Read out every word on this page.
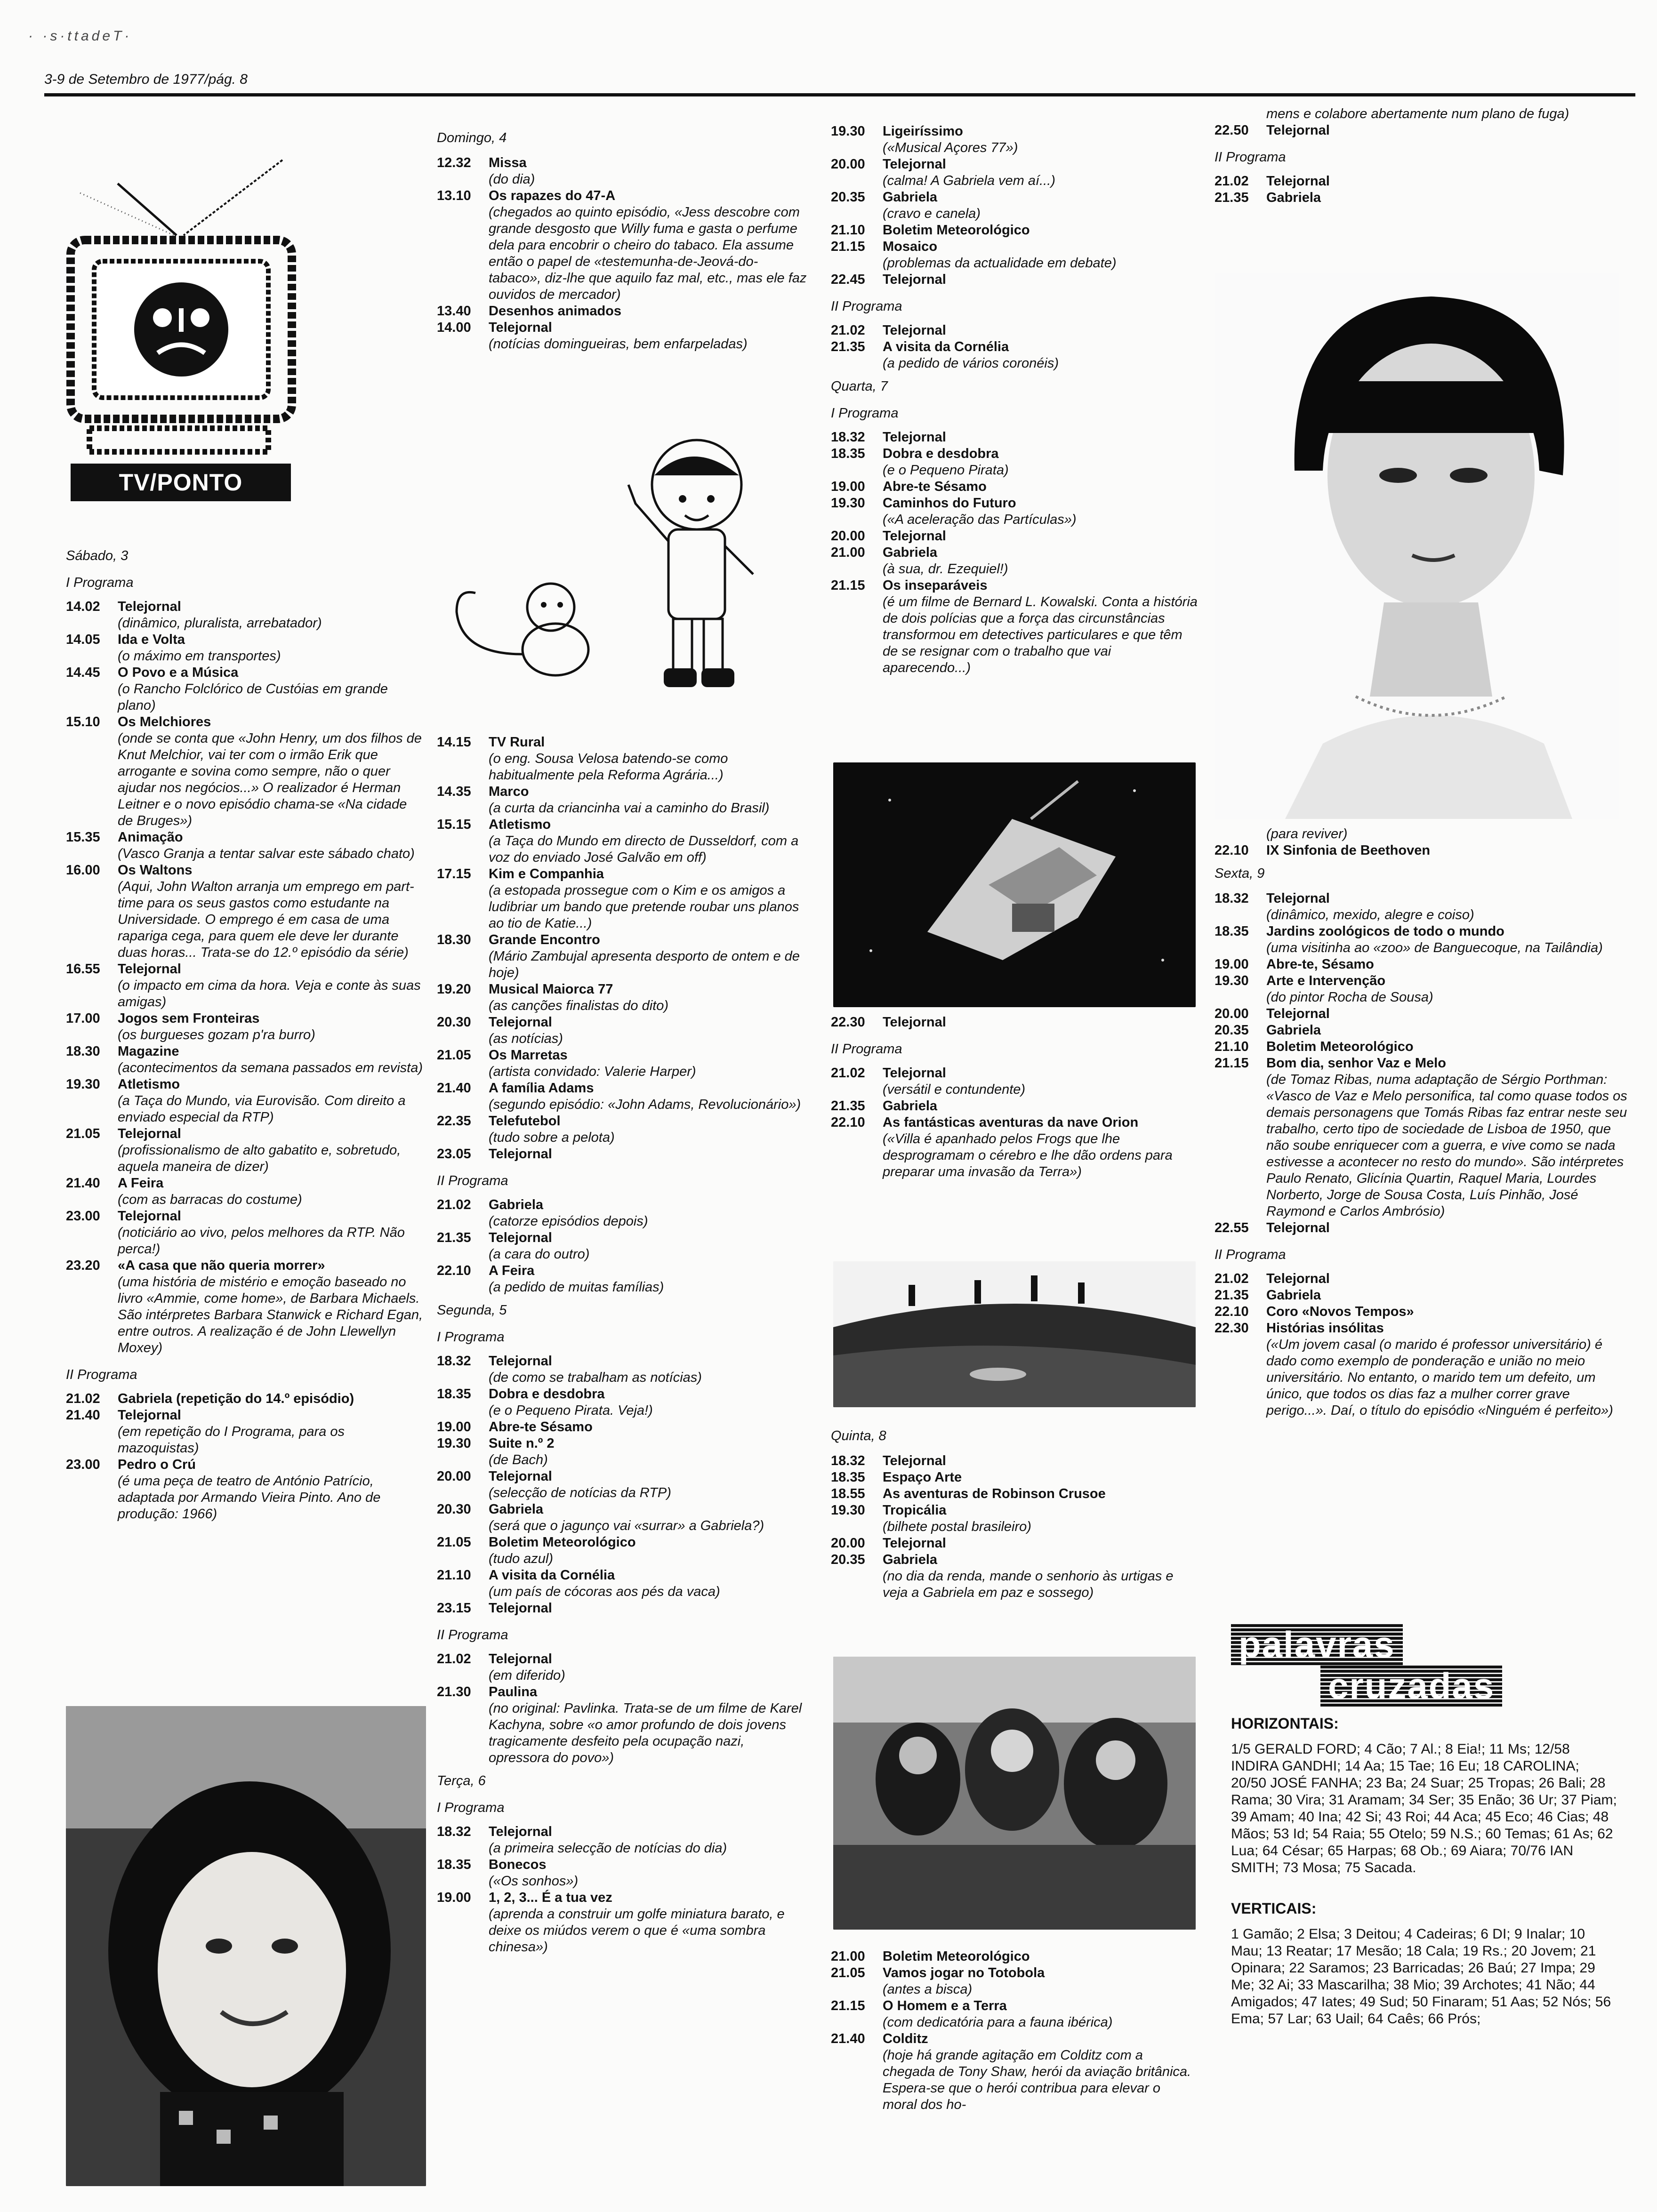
· ·s·ttadeT·
3-9 de Setembro de 1977/pág. 8
TV/PONTO
Sábado, 3
I Programa
14.02	Telejornal
(dinâmico, pluralista, arrebatador)
14.05	Ida e Volta
(o máximo em transportes)
14.45	O Povo e a Música
(o Rancho Folclórico de Custóias em grande plano)
15.10	Os Melchiores
(onde se conta que «John Henry, um dos filhos de Knut Melchior, vai ter com o irmão Erik que arrogante e sovina como sempre, não o quer ajudar nos negócios...» O realizador é Herman Leitner e o novo episódio chama-se «Na cidade de Bruges»)
15.35	Animação
(Vasco Granja a tentar salvar este sábado chato)
16.00	Os Waltons
(Aqui, John Walton arranja um emprego em part-time para os seus gastos como estudante na Universidade. O emprego é em casa de uma rapariga cega, para quem ele deve ler durante duas horas... Trata-se do 12.º episódio da série)
16.55	Telejornal
(o impacto em cima da hora. Veja e conte às suas amigas)
17.00	Jogos sem Fronteiras
(os burgueses gozam p'ra burro)
18.30	Magazine
(acontecimentos da semana passados em revista)
19.30	Atletismo
(a Taça do Mundo, via Eurovisão. Com direito a enviado especial da RTP)
21.05	Telejornal
(profissionalismo de alto gabatito e, sobretudo, aquela maneira de dizer)
21.40	A Feira
(com as barracas do costume)
23.00	Telejornal
(noticiário ao vivo, pelos melhores da RTP. Não perca!)
23.20	«A casa que não queria morrer»
(uma história de mistério e emoção baseado no livro «Ammie, come home», de Barbara Michaels. São intérpretes Barbara Stanwick e Richard Egan, entre outros. A realização é de John Llewellyn Moxey)
II Programa
21.02	Gabriela (repetição do 14.º episódio)
21.40	Telejornal
(em repetição do I Programa, para os mazoquistas)
23.00	Pedro o Crú
(é uma peça de teatro de António Patrício, adaptada por Armando Vieira Pinto. Ano de produção: 1966)
Domingo, 4
12.32	Missa
(do dia)
13.10	Os rapazes do 47-A
(chegados ao quinto episódio, «Jess descobre com grande desgosto que Willy fuma e gasta o perfume dela para encobrir o cheiro do tabaco. Ela assume então o papel de «testemunha-de-Jeová-do-tabaco», diz-lhe que aquilo faz mal, etc., mas ele faz ouvidos de mercador)
13.40	Desenhos animados
14.00	Telejornal
(notícias domingueiras, bem enfarpeladas)
14.15	TV Rural
(o eng. Sousa Velosa batendo-se como habitualmente pela Reforma Agrária...)
14.35	Marco
(a curta da criancinha vai a caminho do Brasil)
15.15	Atletismo
(a Taça do Mundo em directo de Dusseldorf, com a voz do enviado José Galvão em off)
17.15	Kim e Companhia
(a estopada prossegue com o Kim e os amigos a ludibriar um bando que pretende roubar uns planos ao tio de Katie...)
18.30	Grande Encontro
(Mário Zambujal apresenta desporto de ontem e de hoje)
19.20	Musical Maiorca 77
(as canções finalistas do dito)
20.30	Telejornal
(as notícias)
21.05	Os Marretas
(artista convidado: Valerie Harper)
21.40	A família Adams
(segundo episódio: «John Adams, Revolucionário»)
22.35	Telefutebol
(tudo sobre a pelota)
23.05	Telejornal
II Programa
21.02	Gabriela
(catorze episódios depois)
21.35	Telejornal
(a cara do outro)
22.10	A Feira
(a pedido de muitas famílias)
Segunda, 5
I Programa
18.32	Telejornal
(de como se trabalham as notícias)
18.35	Dobra e desdobra
(e o Pequeno Pirata. Veja!)
19.00	Abre-te Sésamo
19.30	Suite n.º 2
(de Bach)
20.00	Telejornal
(selecção de notícias da RTP)
20.30	Gabriela
(será que o jagunço vai «surrar» a Gabriela?)
21.05	Boletim Meteorológico
(tudo azul)
21.10	A visita da Cornélia
(um país de cócoras aos pés da vaca)
23.15	Telejornal
II Programa
21.02	Telejornal
(em diferido)
21.30	Paulina
(no original: Pavlinka. Trata-se de um filme de Karel Kachyna, sobre «o amor profundo de dois jovens tragicamente desfeito pela ocupação nazi, opressora do povo»)
Terça, 6
I Programa
18.32	Telejornal
(a primeira selecção de notícias do dia)
18.35	Bonecos
(«Os sonhos»)
19.00	1, 2, 3... É a tua vez
(aprenda a construir um golfe miniatura barato, e deixe os miúdos verem o que é «uma sombra chinesa»)
19.30	Ligeiríssimo
(«Musical Açores 77»)
20.00	Telejornal
(calma! A Gabriela vem aí...)
20.35	Gabriela
(cravo e canela)
21.10	Boletim Meteorológico
21.15	Mosaico
(problemas da actualidade em debate)
22.45	Telejornal
II Programa
21.02	Telejornal
21.35	A visita da Cornélia
(a pedido de vários coronéis)
Quarta, 7
I Programa
18.32	Telejornal
18.35	Dobra e desdobra
(e o Pequeno Pirata)
19.00	Abre-te Sésamo
19.30	Caminhos do Futuro
(«A aceleração das Partículas»)
20.00	Telejornal
21.00	Gabriela
(à sua, dr. Ezequiel!)
21.15	Os inseparáveis
(é um filme de Bernard L. Kowalski. Conta a história de dois polícias que a força das circunstâncias transformou em detectives particulares e que têm de se resignar com o trabalho que vai aparecendo...)
22.30	Telejornal
II Programa
21.02	Telejornal
(versátil e contundente)
21.35	Gabriela
22.10	As fantásticas aventuras da nave Orion
(«Villa é apanhado pelos Frogs que lhe desprogramam o cérebro e lhe dão ordens para preparar uma invasão da Terra»)
Quinta, 8
18.32	Telejornal
18.35	Espaço Arte
18.55	As aventuras de Robinson Crusoe
19.30	Tropicália
(bilhete postal brasileiro)
20.00	Telejornal
20.35	Gabriela
(no dia da renda, mande o senhorio às urtigas e veja a Gabriela em paz e sossego)
21.00	Boletim Meteorológico
21.05	Vamos jogar no Totobola
(antes a bisca)
21.15	O Homem e a Terra
(com dedicatória para a fauna ibérica)
21.40	Colditz
(hoje há grande agitação em Colditz com a chegada de Tony Shaw, herói da aviação britânica. Espera-se que o herói contribua para elevar o moral dos ho-
mens e colabore abertamente num plano de fuga)
22.50	Telejornal
II Programa
21.02	Telejornal
21.35	Gabriela
(para reviver)
22.10	IX Sinfonia de Beethoven
Sexta, 9
18.32	Telejornal
(dinâmico, mexido, alegre e coiso)
18.35	Jardins zoológicos de todo o mundo
(uma visitinha ao «zoo» de Banguecoque, na Tailândia)
19.00	Abre-te, Sésamo
19.30	Arte e Intervenção
(do pintor Rocha de Sousa)
20.00	Telejornal
20.35	Gabriela
21.10	Boletim Meteorológico
21.15	Bom dia, senhor Vaz e Melo
(de Tomaz Ribas, numa adaptação de Sérgio Porthman: «Vasco de Vaz e Melo personifica, tal como quase todos os demais personagens que Tomás Ribas faz entrar neste seu trabalho, certo tipo de sociedade de Lisboa de 1950, que não soube enriquecer com a guerra, e vive como se nada estivesse a acontecer no resto do mundo». São intérpretes Paulo Renato, Glicínia Quartin, Raquel Maria, Lourdes Norberto, Jorge de Sousa Costa, Luís Pinhão, José Raymond e Carlos Ambrósio)
22.55	Telejornal
II Programa
21.02	Telejornal
21.35	Gabriela
22.10	Coro «Novos Tempos»
22.30	Histórias insólitas
(«Um jovem casal (o marido é professor universitário) é dado como exemplo de ponderação e união no meio universitário. No entanto, o marido tem um defeito, um único, que todos os dias faz a mulher correr grave perigo...». Daí, o título do episódio «Ninguém é perfeito»)
palavras
cruzadas
HORIZONTAIS:
1/5 GERALD FORD; 4 Cão; 7 Al.; 8 Eia!; 11 Ms; 12/58 INDIRA GANDHI; 14 Aa; 15 Tae; 16 Eu; 18 CAROLINA; 20/50 JOSÉ FANHA; 23 Ba; 24 Suar; 25 Tropas; 26 Bali; 28 Rama; 30 Vira; 31 Aramam; 34 Ser; 35 Enão; 36 Ur; 37 Piam; 39 Amam; 40 Ina; 42 Si; 43 Roi; 44 Aca; 45 Eco; 46 Cias; 48 Mãos; 53 Id; 54 Raia; 55 Otelo; 59 N.S.; 60 Temas; 61 As; 62 Lua; 64 César; 65 Harpas; 68 Ob.; 69 Aiara; 70/76 IAN SMITH; 73 Mosa; 75 Sacada.
VERTICAIS:
1 Gamão; 2 Elsa; 3 Deitou; 4 Cadeiras; 6 DI; 9 Inalar; 10 Mau; 13 Reatar; 17 Mesão; 18 Cala; 19 Rs.; 20 Jovem; 21 Opinara; 22 Saramos; 23 Barricadas; 26 Baú; 27 Impa; 29 Me; 32 Ai; 33 Mascarilha; 38 Mio; 39 Archotes; 41 Não; 44 Amigados; 47 Iates; 49 Sud; 50 Finaram; 51 Aas; 52 Nós; 56 Ema; 57 Lar; 63 Uail; 64 Caês; 66 Prós;
